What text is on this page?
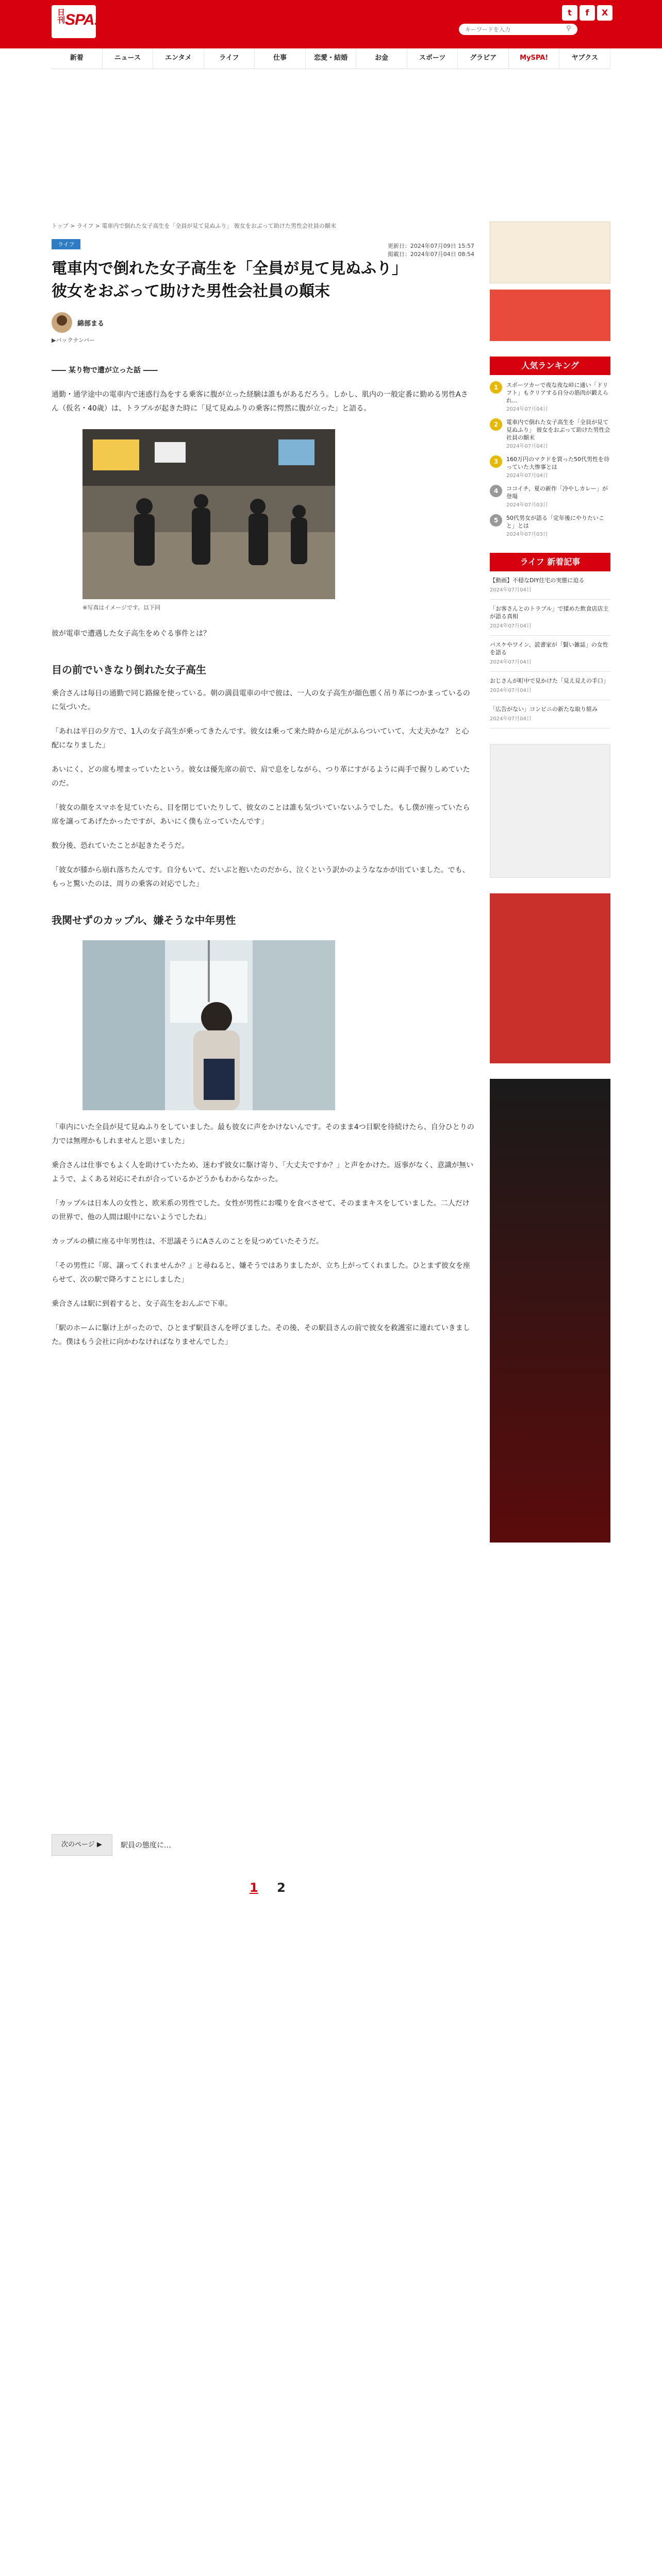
日刊 SPA!
キーワードを入力
⚲
t	f	X
新着	ニュース	エンタメ	ライフ	仕事	恋愛・結婚	お金	スポーツ	グラビア	MySPA!	ヤブクス
トップ > ライフ > 電車内で倒れた女子高生を「全員が見て見ぬふり」 彼女をおぶって助けた男性会社員の顛末
ライフ	更新日：2024年07月09日 15:57
掲載日：2024年07月04日 08:54
電車内で倒れた女子高生を「全員が見て見ぬふり」
彼女をおぶって助けた男性会社員の顛末
綿部まる
▶バックナンバー
―― 某り物で遭が立った話 ――

通勤・通学途中の電車内で迷惑行為をする乗客に腹が立った経験は誰もがあるだろう。しかし、肌内の一般定番に勤める男性Aさん（仮名・40歳）は、トラブルが起きた時に「見て見ぬふりの乗客に愕然に腹が立った」と語る。

※写真はイメージです。以下同

彼が電車で遭遇した女子高生をめぐる事件とは？

目の前でいきなり倒れた女子高生

乗合さんは毎日の通勤で同じ路線を使っている。朝の満員電車の中で彼は、一人の女子高生が顔色悪く吊り革につかまっているのに気づいた。

「あれは平日の夕方で、1人の女子高生が乗ってきたんです。彼女は乗って来た時から足元がふらついていて、大丈夫かな？ と心配になりました」

あいにく、どの席も埋まっていたという。彼女は優先席の前で、肩で息をしながら、つり革にすがるように両手で握りしめていたのだ。

「彼女の顔をスマホを見ていたら、目を閉じていたりして、彼女のことは誰も気づいていないふうでした。もし僕が座っていたら席を譲ってあげたかったですが、あいにく僕も立っていたんです」

数分後、恐れていたことが起きたそうだ。

「彼女が膝から崩れ落ちたんです。自分もいて、だいぶと抱いたのだから、泣くという訳かのようななかが出ていました。でも、もっと驚いたのは、周りの乗客の対応でした」

我関せずのカップル、嫌そうな中年男性

「車内にいた全員が見て見ぬふりをしていました。最も彼女に声をかけないんです。そのまま4つ目駅を待続けたら、自分ひとりの力では無理かもしれませんと思いました」

乗合さんは仕事でもよく人を助けていたため、迷わず彼女に駆け寄り、「大丈夫ですか？」と声をかけた。返事がなく、意識が無いようで、よくある対応にそれが合っているかどうかもわからなかった。

「カップルは日本人の女性と、欧米系の男性でした。女性が男性にお喋りを食べさせて、そのままキスをしていました。二人だけの世界で、他の人間は眼中にないようでしたね」

カップルの横に座る中年男性は、不思議そうにAさんのことを見つめていたそうだ。

「その男性に『席、譲ってくれませんか？』と尋ねると、嫌そうではありましたが、立ち上がってくれました。ひとまず彼女を座らせて、次の駅で降ろすことにしました」

乗合さんは駅に到着すると、女子高生をおんぶで下車。

「駅のホームに駆け上がったので、ひとまず駅員さんを呼びました。その後、その駅員さんの前で彼女を救護室に連れていきました。僕はもう会社に向かわなければなりませんでした」

次のページ ▶	駅員の態度に…
1 2
人気ランキング
1	スポーツカーで夜な夜な峠に通い「ドリフト」もクリアする自分の筋肉が鍛えられ…
2024年07月04日
2	電車内で倒れた女子高生を「全員が見て見ぬふり」 彼女をおぶって助けた男性会社員の顛末
2024年07月04日
3	160万円のマクドを買った50代男性を待っていた大惨事とは
2024年07月04日
4	ココイチ、夏の新作「冷やしカレー」が登場
2024年07月03日
5	50代男女が語る「定年後にやりたいこと」とは
2024年07月03日
ライフ 新着記事
【動画】不穏なDIY住宅の実態に迫る
2024年07月04日
「お客さんとのトラブル」で揉めた飲食店店主が語る真相
2024年07月04日
バスケやワイン、読書家が「賢い雑誌」の女性を語る
2024年07月04日
おじさんが町中で見かけた「見え見えの手口」
2024年07月04日
「広告がない」コンビニの新たな取り組み
2024年07月04日
